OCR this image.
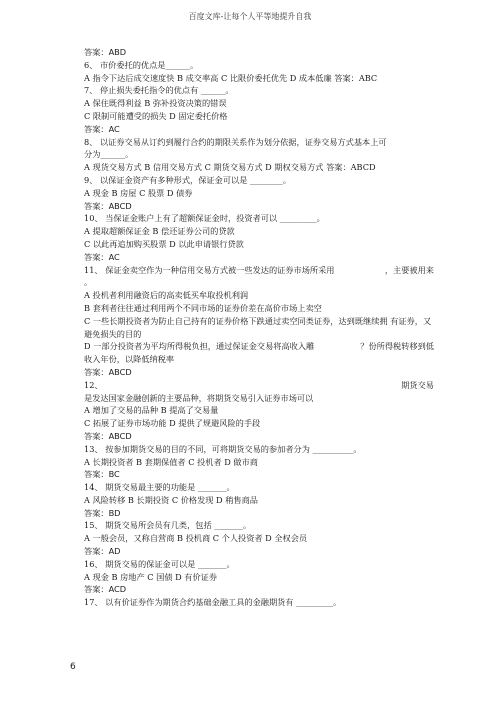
百度文库-让每个人平等地提升自我
答案：ABD
6、 市价委托的优点是______。
A 指令下达后成交速度快 B 成交率高 C 比限价委托优先 D 成本低廉 答案：ABC
7、 停止损失委托指令的优点有 ______。
A 保住既得利益 B 弥补投资决策的错误
C 限制可能遭受的损失 D 固定委托价格
答案：AC
8、 以证券交易从订约到履行合约的期限关系作为划分依据，证券交易方式基本上可
分为______。
A 现货交易方式 B 信用交易方式 C 期货交易方式 D 期权交易方式 答案：ABCD
9、 以保证金资产有多种形式，保证金可以是 ________。
A 现金 B 房屋 C 股票 D 债券
答案：ABCD
10、 当保证金账户上有了超额保证金时，投资者可以 _________。
A 提取超额保证金 B 偿还证券公司的贷款
C 以此再追加购买股票 D 以此申请银行贷款
答案：AC
11、 保证金卖空作为一种信用交易方式被一些发达的证券市场所采用	，主要被用来
。
A 投机者利用融资后的高卖低买牟取投机利润
B 套利者往往通过利用两个不同市场的证券价差在高价市场上卖空
C 一些长期投资者为防止自己持有的证券价格下跌通过卖空同类证券，达到既继续拥 有证券，又避免损失的目的
D 一部分投资者为平均所得税负担，通过保证金交易将高收入雕	？份所得税转移到低
收入年份，以降低纳税率
答案：ABCD
12、	期货交易
是发达国家金融创新的主要品种，将期货交易引入证券市场可以
A 增加了交易的品种 B 提高了交易量
C 拓展了证券市场功能 D 提供了规避风险的手段
答案：ABCD
13、 按参加期货交易的目的不同，可将期货交易的参加者分为 __________。
A 长期投资者 B 套期保值者 C 投机者 D 做市商
答案：BC
14、 期货交易最主要的功能是 _______。
A 风险转移 B 长期投资 C 价格发现 D 稍售商品
答案：BD
15、 期货交易所会员有几类，包括 _______。
A 一般会员，又称自营商 B 投机商 C 个人投资者 D 全权会员
答案：AD
16、 期货交易的保证金可以是 _______。
A 现金 B 房地产 C 国债 D 有价证券
答案：ACD
17、 以有价证券作为期货合约基础金融工具的金融期货有 _________。
6
